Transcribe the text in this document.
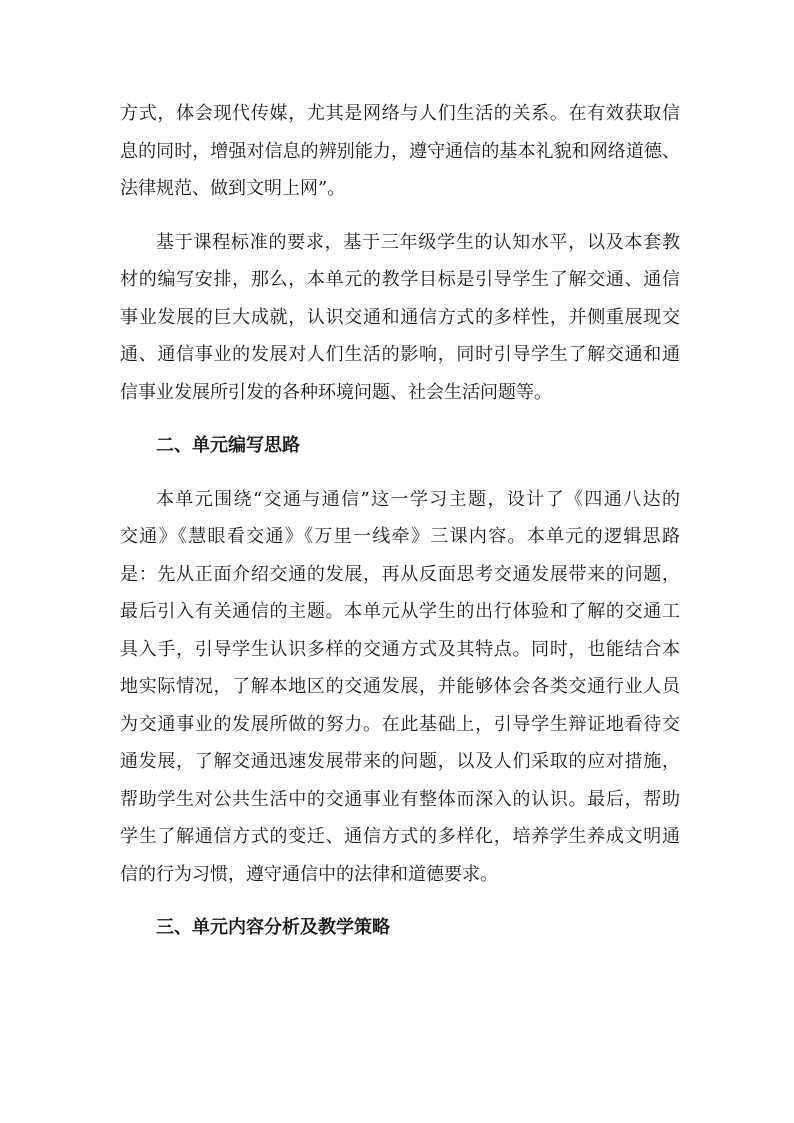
方式，体会现代传媒，尤其是网络与人们生活的关系。在有效获取信
息的同时，增强对信息的辨别能力，遵守通信的基本礼貌和网络道德、
法律规范、做到文明上网”。
基于课程标准的要求，基于三年级学生的认知水平，以及本套教
材的编写安排，那么，本单元的教学目标是引导学生了解交通、通信
事业发展的巨大成就，认识交通和通信方式的多样性，并侧重展现交
通、通信事业的发展对人们生活的影响，同时引导学生了解交通和通
信事业发展所引发的各种环境问题、社会生活问题等。
二、单元编写思路
本单元围绕“交通与通信”这一学习主题，设计了《四通八达的
交通》《慧眼看交通》《万里一线牵》三课内容。本单元的逻辑思路
是：先从正面介绍交通的发展，再从反面思考交通发展带来的问题，
最后引入有关通信的主题。本单元从学生的出行体验和了解的交通工
具入手，引导学生认识多样的交通方式及其特点。同时，也能结合本
地实际情况，了解本地区的交通发展，并能够体会各类交通行业人员
为交通事业的发展所做的努力。在此基础上，引导学生辩证地看待交
通发展，了解交通迅速发展带来的问题，以及人们采取的应对措施，
帮助学生对公共生活中的交通事业有整体而深入的认识。最后，帮助
学生了解通信方式的变迁、通信方式的多样化，培养学生养成文明通
信的行为习惯，遵守通信中的法律和道德要求。
三、单元内容分析及教学策略
